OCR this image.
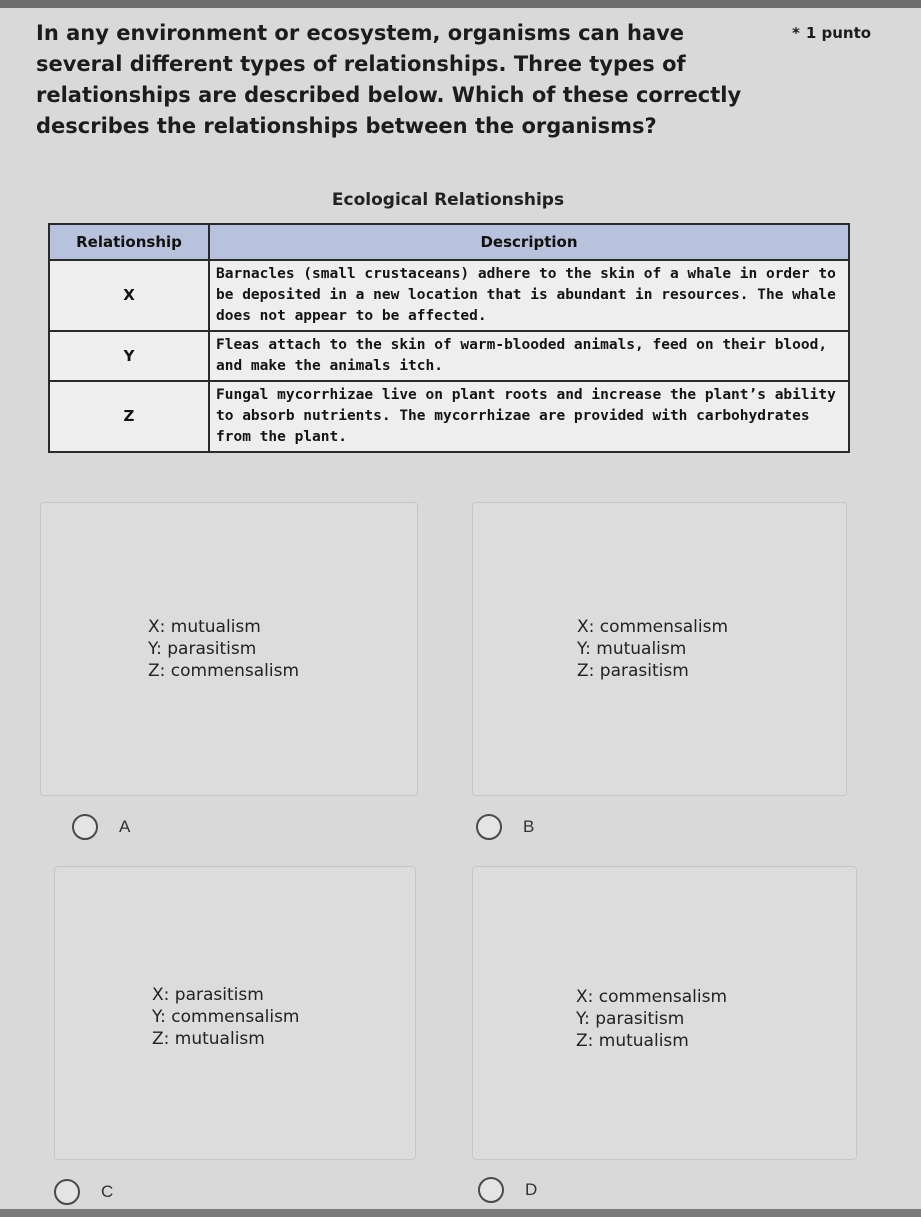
In any environment or ecosystem, organisms can have several different types of relationships. Three types of relationships are described below. Which of these correctly describes the relationships between the organisms?
* 1 punto
Ecological Relationships
Relationship	Description
X	Barnacles (small crustaceans) adhere to the skin of a whale in order to be deposited in a new location that is abundant in resources. The whale does not appear to be affected.
Y	Fleas attach to the skin of warm-blooded animals, feed on their blood, and make the animals itch.
Z	Fungal mycorrhizae live on plant roots and increase the plant’s ability to absorb nutrients. The mycorrhizae are provided with carbohydrates from the plant.
X: mutualism
Y: parasitism
Z: commensalism
X: commensalism
Y: mutualism
Z: parasitism
A	B
X: parasitism
Y: commensalism
Z: mutualism
X: commensalism
Y: parasitism
Z: mutualism
C	D
